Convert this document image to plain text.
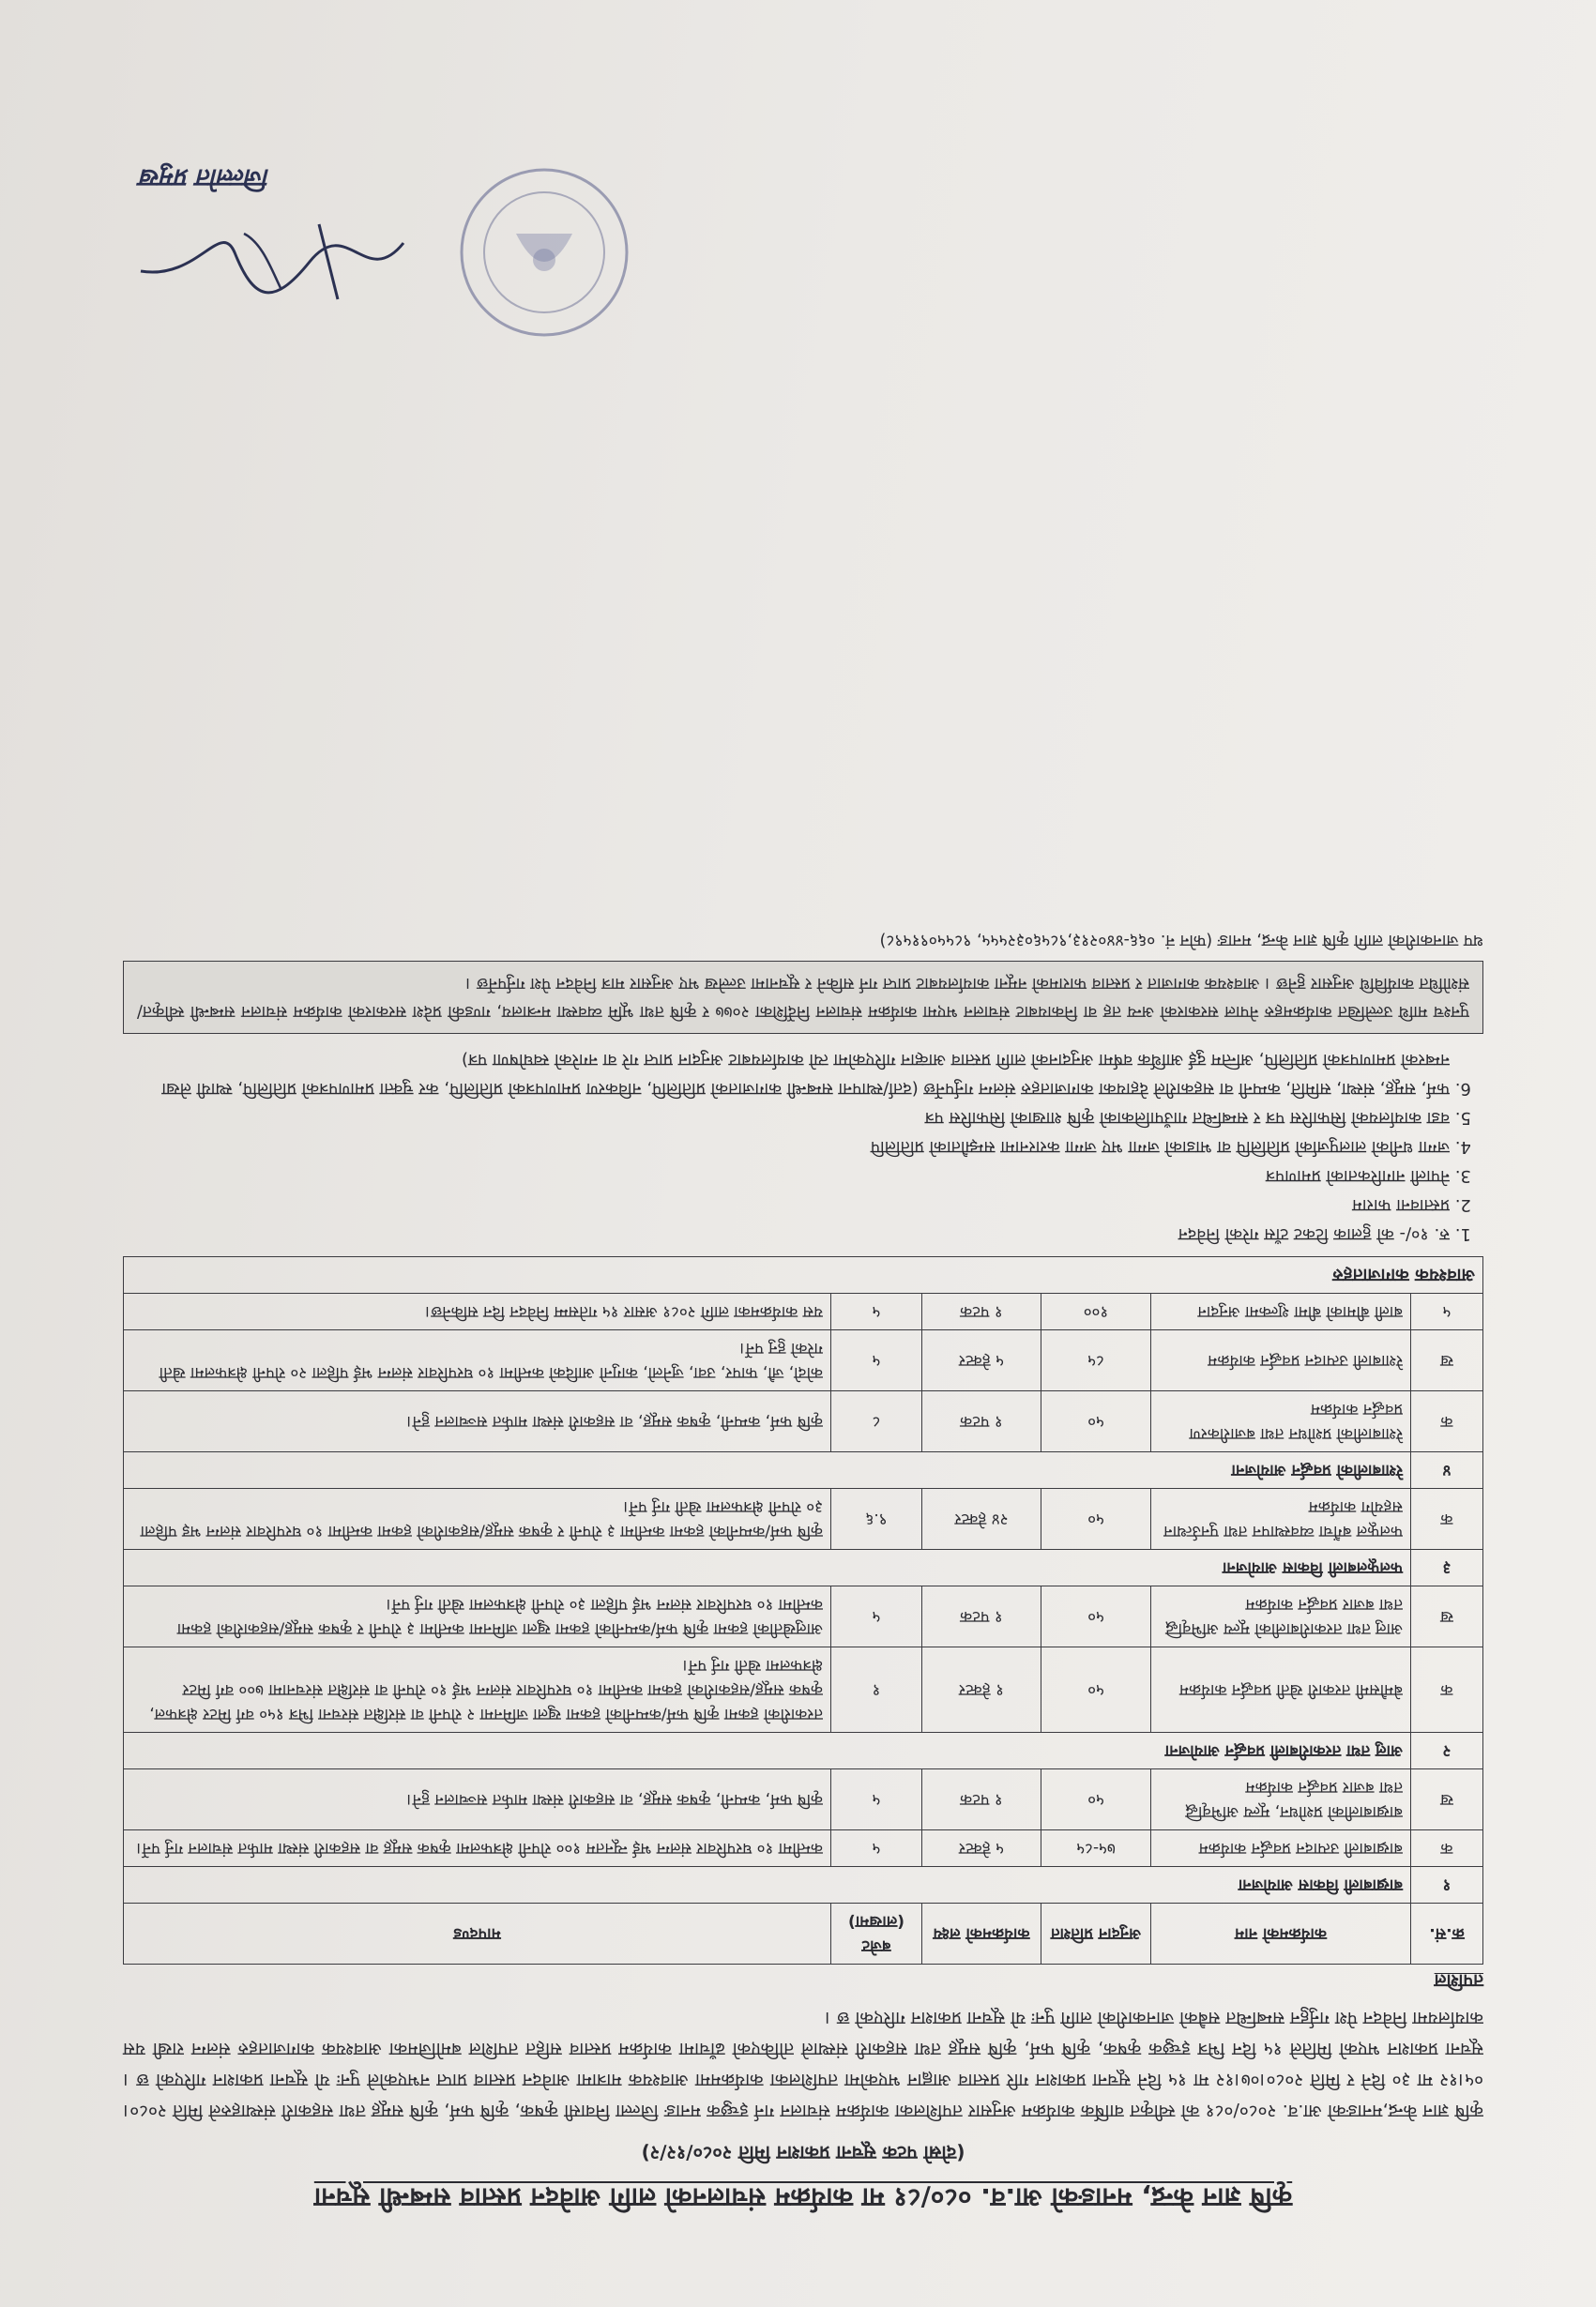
कृषि ज्ञान केन्द्र, मनाङको आ.व. ०८०/८१ मा कार्यक्रम संचालनको लागि आवेदन प्रस्ताव सम्बन्धी सूचना
(दोस्रो पटक सूचना प्रकाशन मिति २०८०/१२/२)

कृषि ज्ञान केन्द्र,मनाङको आ.व. २०८०/०८१ को स्वीकृत वार्षिक कार्यक्रम अनुसार तपशिलका कार्यक्रम संचालन गर्न इच्छुक मनाङ जिल्ला निवासी कृषक, कृषि फर्म, कृषि समूह तथा सहकारी संस्थाहरुले मिति २०८०।०५।१२ मा ३० दिने र मिति २०८०।०७।१२ मा १५ दिने सूचना प्रकाशन गरि प्रस्ताव आह्वान भएकोमा तपशिलका कार्यक्रममा आवश्यक मात्रामा आवेदन प्रस्ताव प्राप्त नभएकोले पुनः यो सूचना प्रकाशन गरिएको छ । सूचना प्रकाशन भएको मितिले १५ दिन भित्र इच्छुक कृषक, कृषि फर्म, कृषि समूह तथा सहकारी संस्थाले तोकिएको ढाँचामा कार्यक्रम प्रस्ताव सहित तपशिल बमोजिमका आवश्यक कागजातहरु संलग्न राखी यस कार्यालयमा निवेदन पेश गर्नुहुन सम्बन्धित सबैको जानकारीको लागि पुनः यो सूचना प्रकाशन गरिएको छ ।

तपशिल
क्र.सं.	कार्यक्रमको नाम	अनुदान प्रतिशत	कार्यक्रमको लक्ष्य	बजेट (लाखमा)	मापदण्ड
१	बाख्राबाली विकास आयोजना				
क	बाख्राबाली उत्पादन प्रवर्द्धन कार्यक्रम	७५-८५	५ हेक्टर	५	कम्तीमा १० घरपरिवार संलग्न भई न्यूनतम १०० रोपनी क्षेत्रफलमा कृषक समूह वा सहकारी संस्था मार्फत संचालन गर्नु पर्ने।
ख	बाख्राबालीको प्रशोधन, मूल्य अभिवृद्धि तथा बजार प्रवर्द्धन कार्यक्रम	५०	१ पटक	५	कृषि फर्म, कम्पनी, कृषक समूह, वा सहकारी संस्था मार्फत सञ्चालन हुने।
२	आलु तथा तरकारीबाली प्रवर्द्धन आयोजना				
क	बेमौसमी तरकारी खेती प्रवर्द्धन कार्यक्रम	५०	१ हेक्टर	१	तरकारीको हकमा कृषि फर्म/कम्पनीको हकमा खुला जमिनमा २ रोपनी वा संरक्षित संरचना भित्र १५० वर्ग मिटर क्षेत्रफल, कृषक समूह/सहकारीको हकमा कम्तीमा १० घरपरिवार संलग्न भई १० रोपनी वा संरक्षित संरचनामा ७०० वर्ग मिटर क्षेत्रफलमा खेती गर्नु पर्ने।
ख	आलु तथा तरकारीबालीको मूल्य अभिवृद्धि तथा बजार प्रवर्द्धन कार्यक्रम	५०	१ पटक	५	आलुखेतीको हकमा कृषि फर्म/कम्पनीको हकमा खुला जमिनमा कम्तीमा ३ रोपनी र कृषक समूह/सहकारीको हकमा कम्तीमा १० घरपरिवार संलग्न भई पहिला ३० रोपनी क्षेत्रफलमा खेती गर्नु पर्ने।
३	फलफूलबाली विकास आयोजना				
क	फलफूल बगैंचा व्यवस्थापन तथा पुनर्उत्थान सहयोग कार्यक्रम	५०	२४ हेक्टर	९.६	कृषि फर्म/कम्पनीको हकमा कम्तीमा ३ रोपनी र कृषक समूह/सहकारीको हकमा कम्तीमा १० घरपरिवार संलग्न भइ पहिला ३० रोपनी क्षेत्रफलमा खेती गर्नु पर्ने।
४	रेशाबालीको प्रवर्द्धन आयोजना				
क	रेशाबालीको प्रशोधन तथा बजारीकरण प्रवर्द्धन कार्यक्रम	५०	१ पटक	८	कृषि फर्म, कम्पनी, कृषक समूह, वा सहकारी संस्था मार्फत सञ्चालन हुने।
ख	रेशाबाली उत्पादन प्रवर्द्धन कार्यक्रम	८५	५ हेक्टर	५	कोदो, जौ, फापर, उवा, जुनेलो, कागुनो आदिको कम्तीमा १० घरपरिवार संलग्न भई पहिला २० रोपनी क्षेत्रफलमा खेती गरेको हुनु पर्ने।
५	बाली बीमाको बीमा शुल्कमा अनुदान	१००	१ पटक	५	यस कार्यक्रमका लागि २०८१ असार १५ गतेसम्म निवेदन दिन सकिनेछ।
आवश्यक कागजातहरु					
1. रु. १०/- को हुलाक टिकट टाँस गरेको निवेदन
2. प्रस्तावना फाराम
3. नेपाली नागरिकताको प्रमाणपत्र
4. जग्गा धनीको लालपुर्जाको प्रतिलिपि वा भाडाको जग्गा भए जग्गा करारनामा सम्झौताको प्रतिलिपि
5. वडा कार्यालयको सिफारिस पत्र र सम्बन्धित गाउँपालिकाको कृषि शाखाको सिफारिस पत्र
6. फर्म, समूह, संस्था, समिति, कम्पनी वा सहकारीले देहायका कागजातहरु संलग्न गर्नुपर्नेछ (दर्ता/स्थापना सम्बन्धी कागजातको प्रतिलिपि, नविकरण प्रमाणपत्रको प्रतिलिपि, कर चुक्ता प्रमाणपत्रको प्रतिलिपि, स्थायी लेखा नम्बरको प्रमाणपत्रको प्रतिलिपि, अन्तिम दुई आर्थिक वर्षमा अनुदानको लागि प्रस्ताव आव्हान गरिएकोमा त्यो कार्यालयबाट अनुदान प्राप्त गरे वा नगरेको स्वघोषणा पत्र)
पुनश्च माथि उल्लेखित कार्यक्रमहरु नेपाल सरकारको अन्य तह वा निकायबाट संचालन भएमा कार्यक्रम संचालन निर्देशिका २०७७ र कृषि तथा भूमि व्यवस्था मन्त्रालय, गण्डकी प्रदेश सरकारको कार्यक्रम संचालन सम्बन्धी स्वीकृत/संशोधित कार्यविधि अनुसार हुनेछ । आवश्यक कागजात र प्रस्ताव फारामको नमूना कार्यालयबाट प्राप्त गर्न सकिने र सूचनामा उल्लेख भए अनुसार मात्र निवेदन पेश गर्नुपर्नेछ ।
थप जानकारीको लागि कृषि ज्ञान केन्द्र, मनाङ (फोन नं. ०६६-४४०२१३,९८५६०३२५५५, ९८५५०९१५९८)
जिल्लोत प्रमुख
